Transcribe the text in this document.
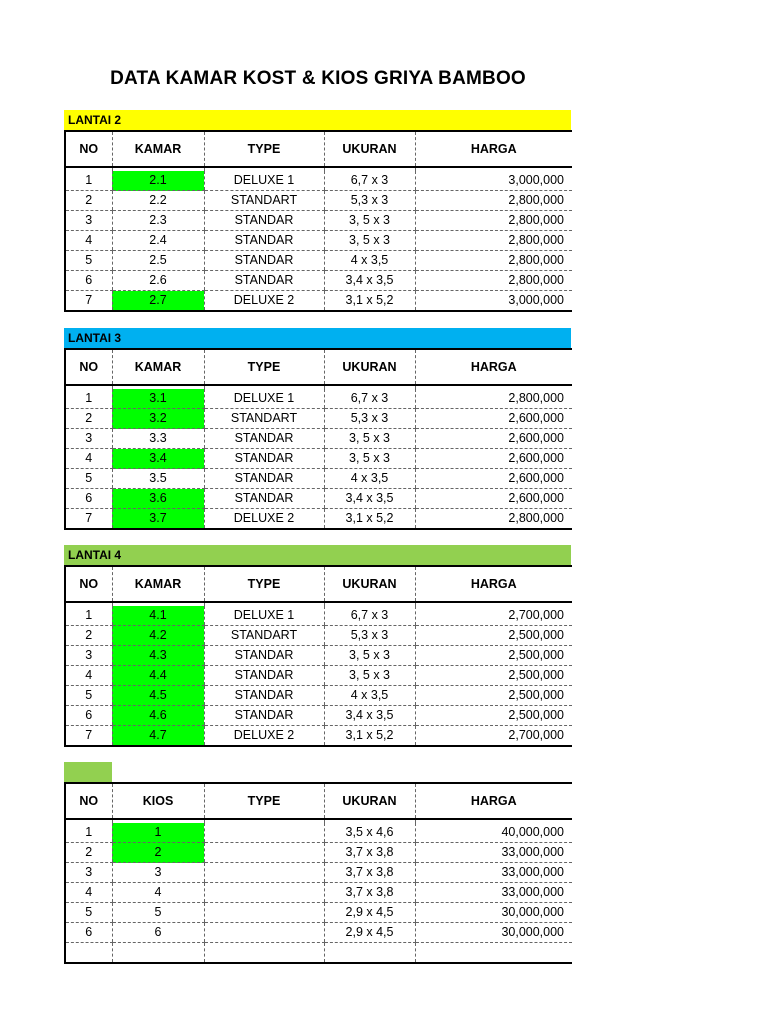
DATA KAMAR KOST & KIOS GRIYA BAMBOO
LANTAI 2
NO	KAMAR	TYPE	UKURAN	HARGA

1	2.1	DELUXE 1	6,7 x 3	3,000,000
2	2.2	STANDART	5,3 x 3	2,800,000
3	2.3	STANDAR	3, 5 x 3	2,800,000
4	2.4	STANDAR	3, 5 x 3	2,800,000
5	2.5	STANDAR	4 x 3,5	2,800,000
6	2.6	STANDAR	3,4 x 3,5	2,800,000
7	2.7	DELUXE 2	3,1 x 5,2	3,000,000
LANTAI 3
NO	KAMAR	TYPE	UKURAN	HARGA

1	3.1	DELUXE 1	6,7 x 3	2,800,000
2	3.2	STANDART	5,3 x 3	2,600,000
3	3.3	STANDAR	3, 5 x 3	2,600,000
4	3.4	STANDAR	3, 5 x 3	2,600,000
5	3.5	STANDAR	4 x 3,5	2,600,000
6	3.6	STANDAR	3,4 x 3,5	2,600,000
7	3.7	DELUXE 2	3,1 x 5,2	2,800,000
LANTAI 4
NO	KAMAR	TYPE	UKURAN	HARGA

1	4.1	DELUXE 1	6,7 x 3	2,700,000
2	4.2	STANDART	5,3 x 3	2,500,000
3	4.3	STANDAR	3, 5 x 3	2,500,000
4	4.4	STANDAR	3, 5 x 3	2,500,000
5	4.5	STANDAR	4 x 3,5	2,500,000
6	4.6	STANDAR	3,4 x 3,5	2,500,000
7	4.7	DELUXE 2	3,1 x 5,2	2,700,000
NO	KIOS	TYPE	UKURAN	HARGA

1	1		3,5 x 4,6	40,000,000
2	2		3,7 x 3,8	33,000,000
3	3		3,7 x 3,8	33,000,000
4	4		3,7 x 3,8	33,000,000
5	5		2,9 x 4,5	30,000,000
6	6		2,9 x 4,5	30,000,000
